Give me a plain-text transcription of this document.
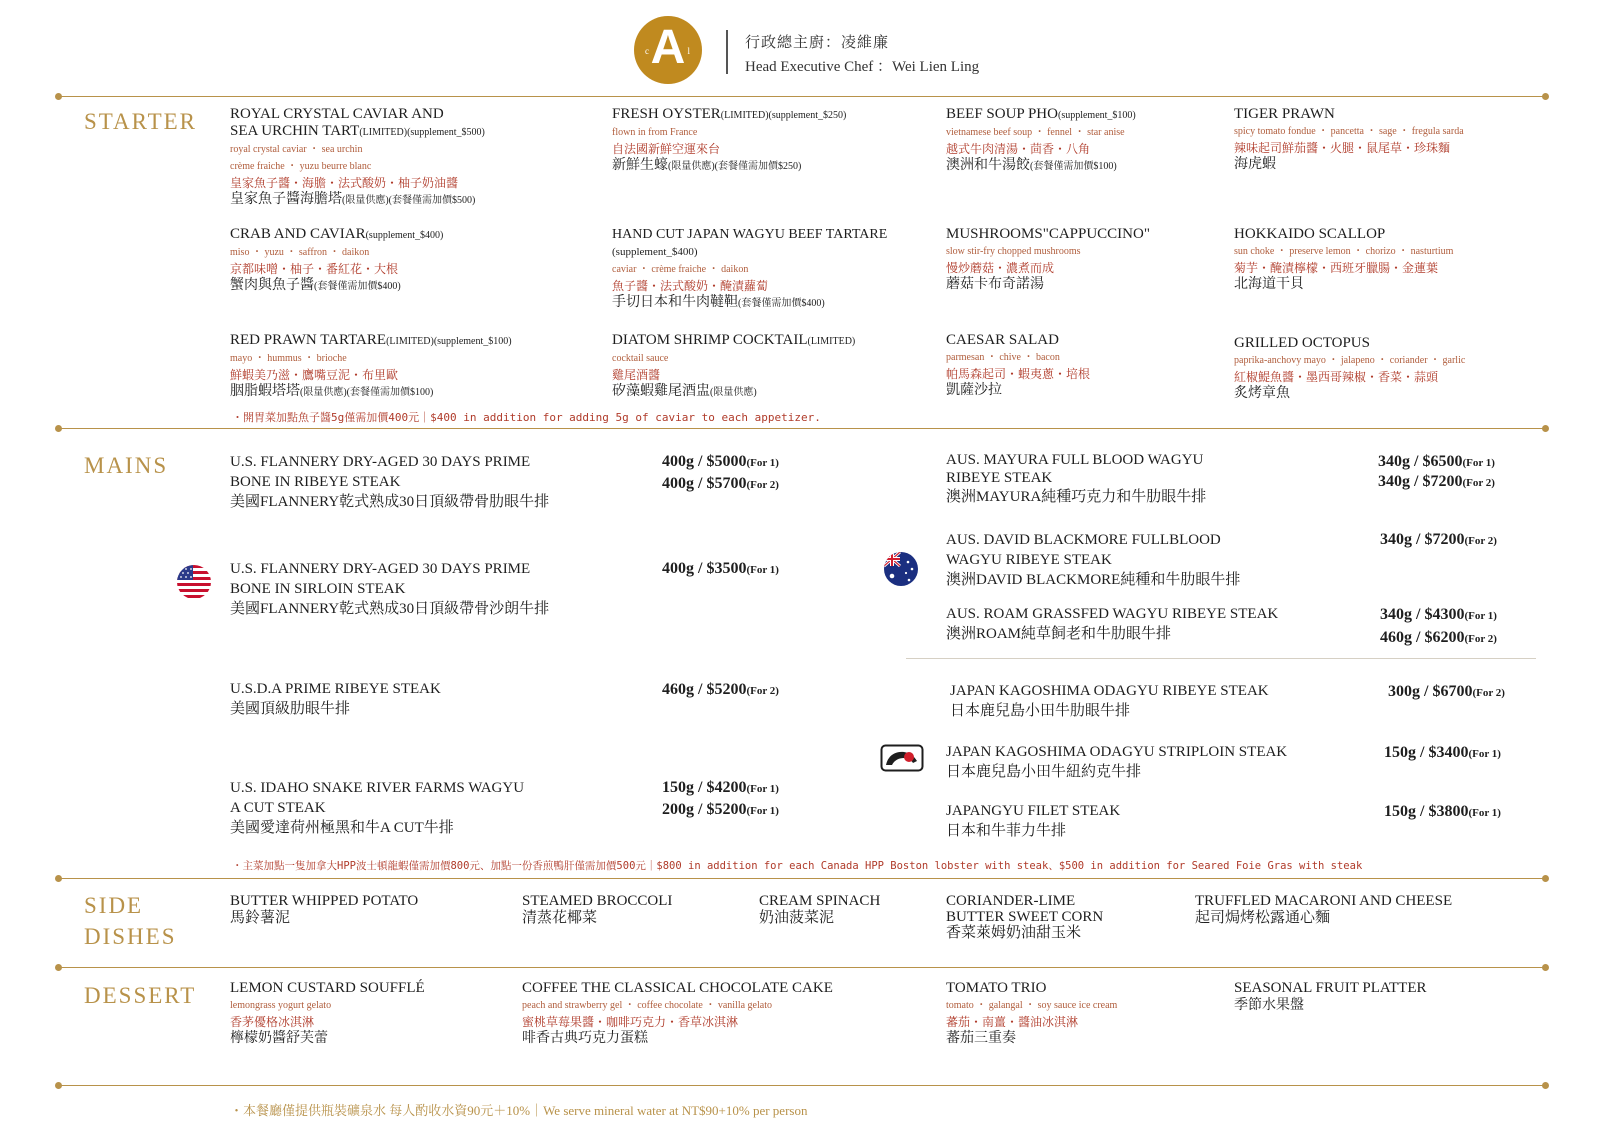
A
c	l	行政總主廚：凌維廉
Head Executive Chef ：Wei Lien Ling
STARTER
MAINS
SIDE
DISHES
DESSERT
ROYAL CRYSTAL CAVIAR AND
SEA URCHIN TART(LIMITED)(supplement_$500)
royal crystal caviar ・ sea urchin
crème fraiche ・ yuzu beurre blanc
皇家魚子醬・海膽・法式酸奶・柚子奶油醬
皇家魚子醬海膽塔(限量供應)(套餐僅需加價$500)
FRESH OYSTER(LIMITED)(supplement_$250)
flown in from France
自法國新鮮空運來台
新鮮生蠔(限量供應)(套餐僅需加價$250)
BEEF SOUP PHO(supplement_$100)
vietnamese beef soup ・ fennel ・ star anise
越式牛肉清湯・茴香・八角
澳洲和牛湯餃(套餐僅需加價$100)
TIGER PRAWN
spicy tomato fondue ・ pancetta ・ sage ・ fregula sarda
辣味起司鮮茄醬・火腿・鼠尾草・珍珠麵
海虎蝦
CRAB AND CAVIAR(supplement_$400)
miso ・ yuzu ・ saffron ・ daikon
京都味噌・柚子・番紅花・大根
蟹肉與魚子醬(套餐僅需加價$400)
HAND CUT JAPAN WAGYU BEEF TARTARE
(supplement_$400)
caviar ・ crème fraiche ・ daikon
魚子醬・法式酸奶・醃漬蘿蔔
手切日本和牛肉韃靼(套餐僅需加價$400)
MUSHROOMS"CAPPUCCINO"
slow stir-fry chopped mushrooms
慢炒蘑菇・濃煮而成
蘑菇卡布奇諾湯
HOKKAIDO SCALLOP
sun choke ・ preserve lemon ・ chorizo ・ nasturtium
菊芋・醃漬檸檬・西班牙臘腸・金蓮葉
北海道干貝
RED PRAWN TARTARE(LIMITED)(supplement_$100)
mayo ・ hummus ・ brioche
鮮蝦美乃滋・鷹嘴豆泥・布里歐
胭脂蝦塔塔(限量供應)(套餐僅需加價$100)
DIATOM SHRIMP COCKTAIL(LIMITED)
cocktail sauce
雞尾酒醬
矽藻蝦雞尾酒盅(限量供應)
CAESAR SALAD
parmesan ・ chive ・ bacon
帕馬森起司・蝦夷蔥・培根
凱薩沙拉
GRILLED OCTOPUS
paprika-anchovy mayo ・ jalapeno ・ coriander ・ garlic
紅椒鯷魚醬・墨西哥辣椒・香菜・蒜頭
炙烤章魚
・開胃菜加點魚子醬5g僅需加價400元｜$400 in addition for adding 5g of caviar to each appetizer.
U.S. FLANNERY DRY-AGED 30 DAYS PRIME
BONE IN RIBEYE STEAK
美國FLANNERY乾式熟成30日頂級帶骨肋眼牛排
400g / $5000(For 1)
400g / $5700(For 2)
U.S. FLANNERY DRY-AGED 30 DAYS PRIME
BONE IN SIRLOIN STEAK
美國FLANNERY乾式熟成30日頂級帶骨沙朗牛排
400g / $3500(For 1)
U.S.D.A PRIME RIBEYE STEAK
美國頂級肋眼牛排
460g / $5200(For 2)
U.S. IDAHO SNAKE RIVER FARMS WAGYU
A CUT STEAK
美國愛達荷州極黑和牛A CUT牛排
150g / $4200(For 1)
200g / $5200(For 1)
AUS. MAYURA FULL BLOOD WAGYU
RIBEYE STEAK
澳洲MAYURA純種巧克力和牛肋眼牛排
340g / $6500(For 1)
340g / $7200(For 2)
AUS. DAVID BLACKMORE FULLBLOOD
WAGYU RIBEYE STEAK
澳洲DAVID BLACKMORE純種和牛肋眼牛排
340g / $7200(For 2)
AUS. ROAM GRASSFED WAGYU RIBEYE STEAK
澳洲ROAM純草飼老和牛肋眼牛排
340g / $4300(For 1)
460g / $6200(For 2)
JAPAN KAGOSHIMA ODAGYU RIBEYE STEAK
日本鹿兒島小田牛肋眼牛排
300g / $6700(For 2)
JAPAN KAGOSHIMA ODAGYU STRIPLOIN STEAK
日本鹿兒島小田牛紐約克牛排
150g / $3400(For 1)
JAPANGYU FILET STEAK
日本和牛菲力牛排
150g / $3800(For 1)
・主菜加點一隻加拿大HPP波士頓龍蝦僅需加價800元、加點一份香煎鴨肝僅需加價500元｜$800 in addition for each Canada HPP Boston lobster with steak、$500 in addition for Seared Foie Gras with steak
BUTTER WHIPPED POTATO
馬鈴薯泥
STEAMED BROCCOLI
清蒸花椰菜
CREAM SPINACH
奶油菠菜泥
CORIANDER-LIME
BUTTER SWEET CORN
香菜萊姆奶油甜玉米
TRUFFLED MACARONI AND CHEESE
起司焗烤松露通心麵
LEMON CUSTARD SOUFFLÉ
lemongrass yogurt gelato
香茅優格冰淇淋
檸檬奶醬舒芙蕾
COFFEE THE CLASSICAL CHOCOLATE CAKE
peach and strawberry gel ・ coffee chocolate ・ vanilla gelato
蜜桃草莓果醬・咖啡巧克力・香草冰淇淋
啡香古典巧克力蛋糕
TOMATO TRIO
tomato ・ galangal ・ soy sauce ice cream
蕃茄・南薑・醬油冰淇淋
蕃茄三重奏
SEASONAL FRUIT PLATTER
季節水果盤
・本餐廳僅提供瓶裝礦泉水 每人酌收水資90元＋10%｜We serve mineral water at NT$90+10% per person
